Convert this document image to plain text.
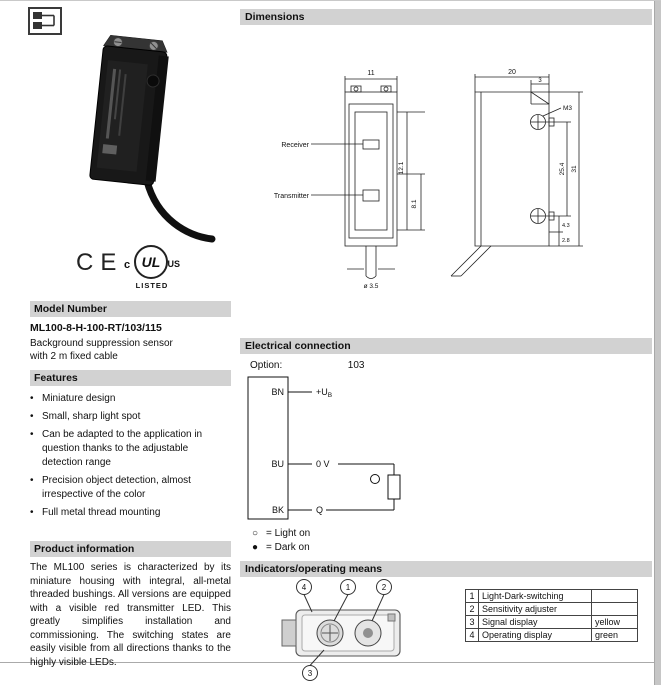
CE c UL US
LISTED
Model Number
ML100-8-H-100-RT/103/115
Background suppression sensor
with 2 m fixed cable
Features
•
Miniature design
•
Small, sharp light spot
•
Can be adapted to the application in question thanks to the adjustable detection range
•
Precision object detection, almost irrespective of the color
•
Full metal thread mounting
Product information
The ML100 series is characterized by its miniature housing with integral, all-metal threaded bushings. All versions are equipped with a visible red transmitter LED. This greatly simplifies installation and commissioning. The switching states are easily visible from all directions thanks to the highly visible LEDs.
Dimensions
11
12.1
8.1
Receiver
Transmitter
ø 3.5
20
3
M3
25.4 31
4.3
2.8
Electrical connection
Option:	103
BN
BU
BK
$+U_B$
0 V
Q
○ = Light on
● = Dark on
Indicators/operating means
4	1	2
3
1	Light-Dark-switching	
2	Sensitivity adjuster	
3	Signal display	yellow
4	Operating display	green
